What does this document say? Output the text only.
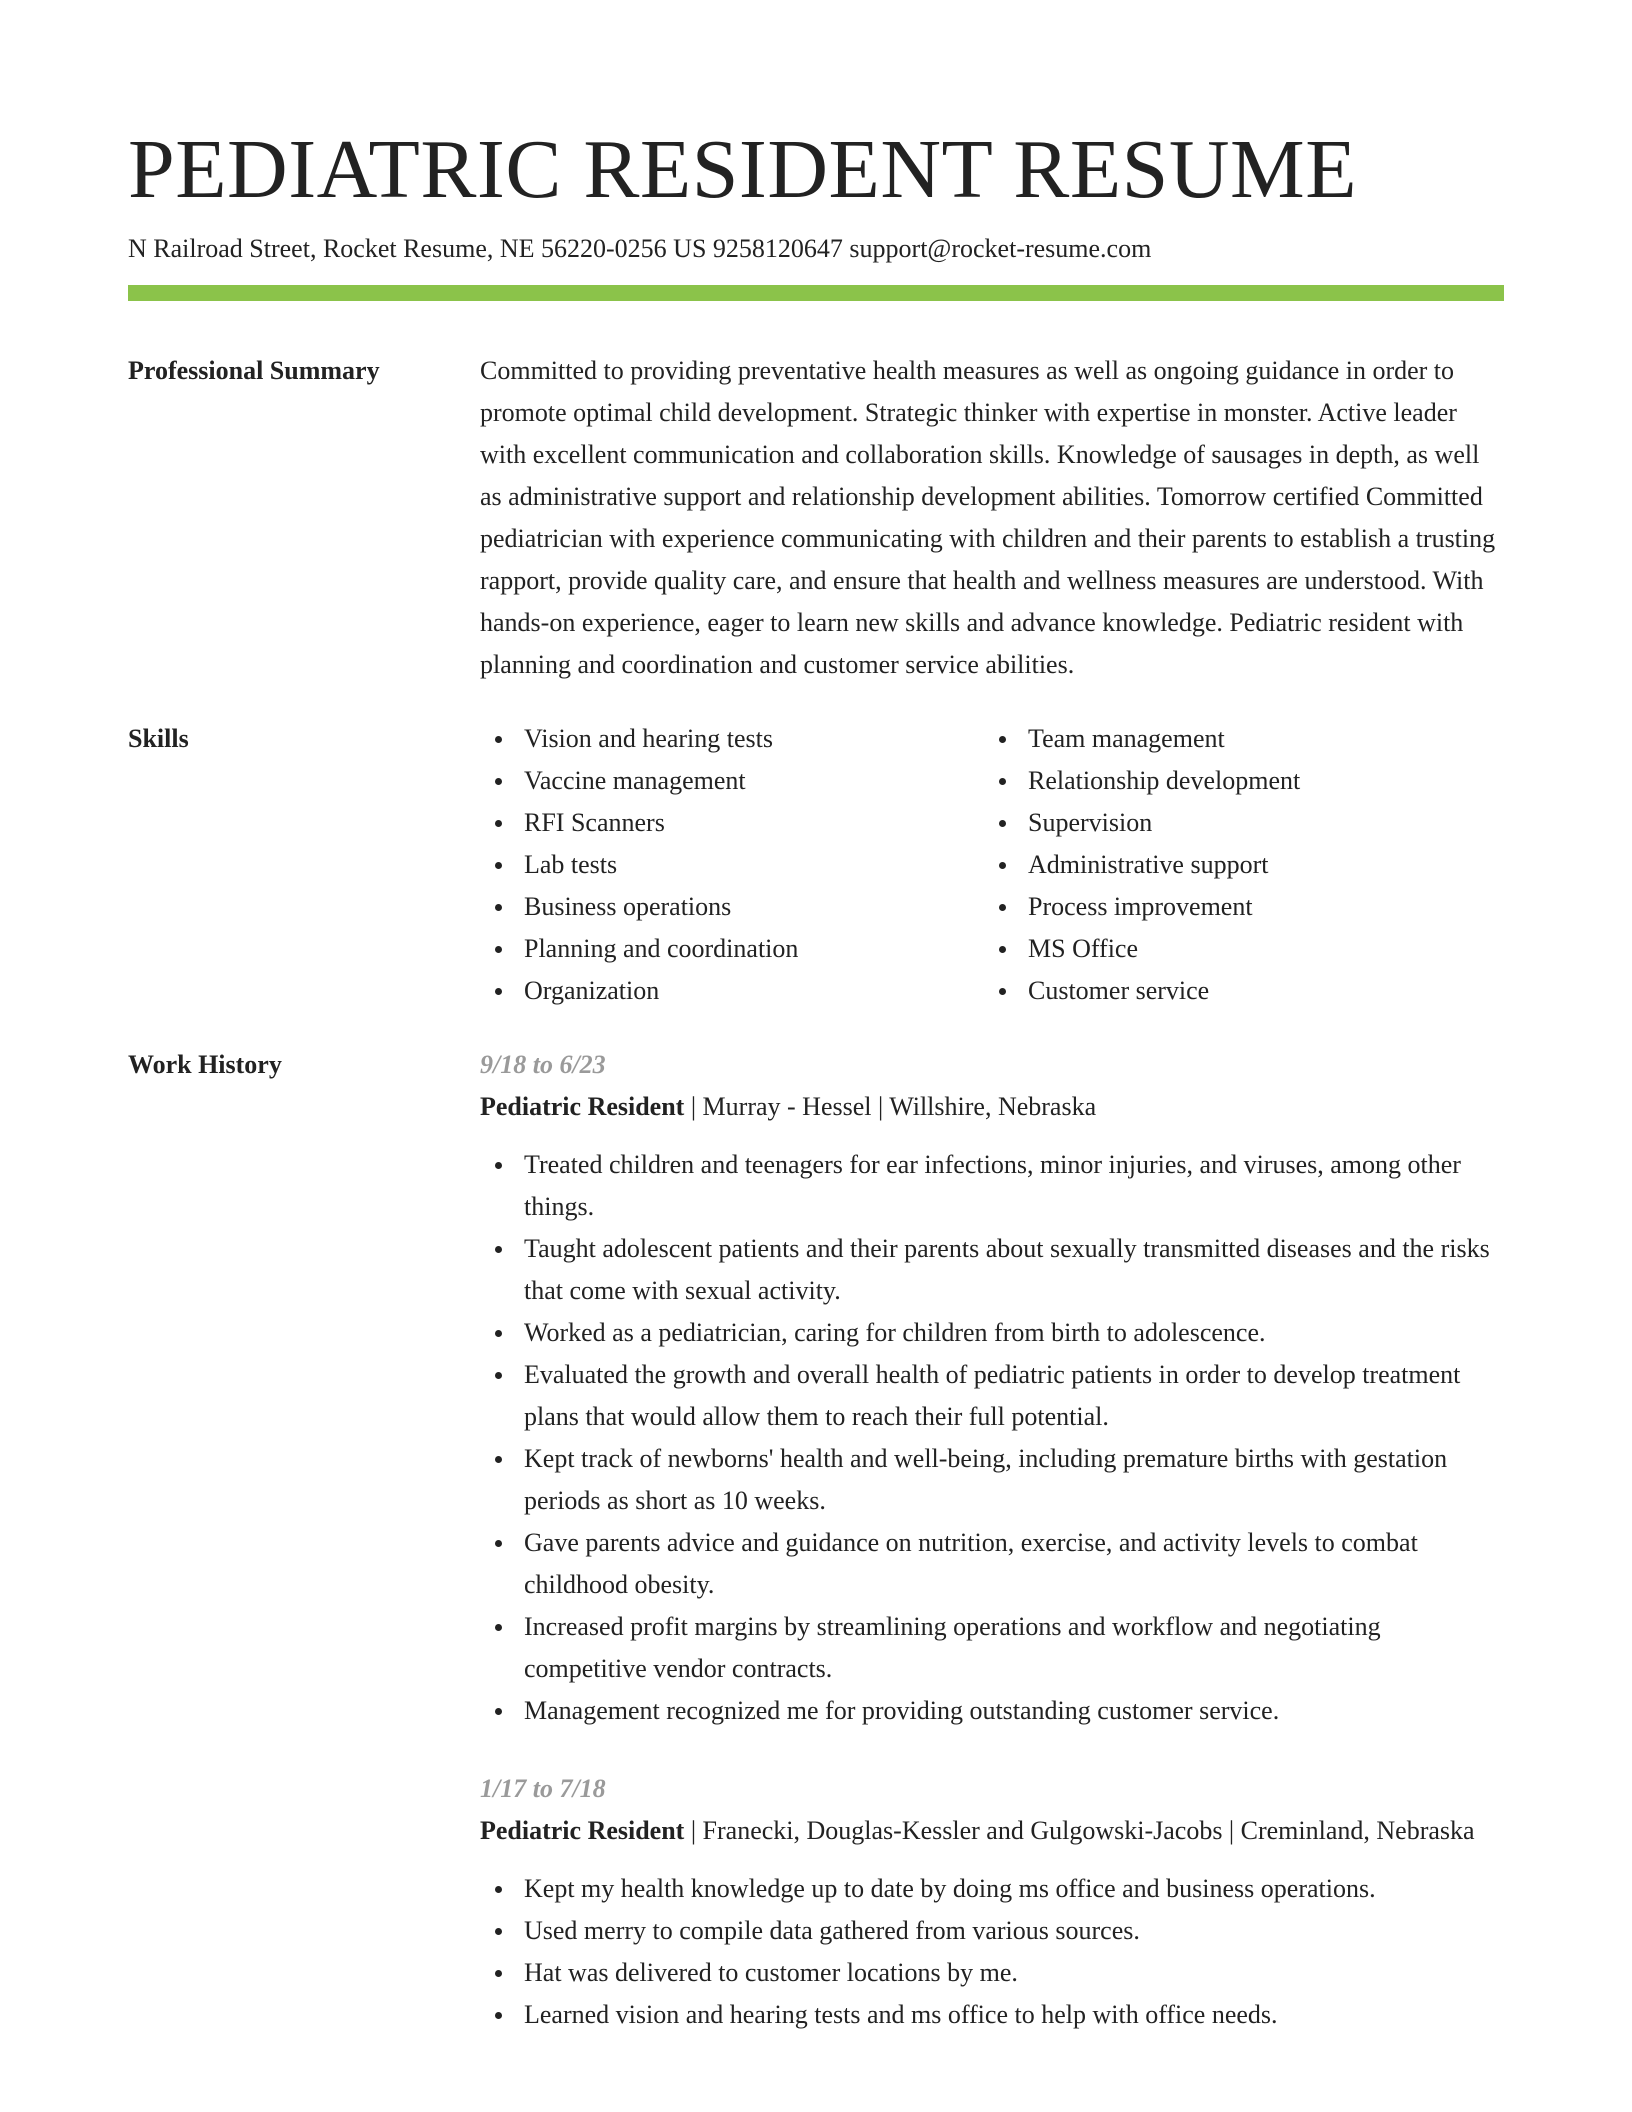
PEDIATRIC RESIDENT RESUME
N Railroad Street, Rocket Resume, NE 56220-0256 US 9258120647 support@rocket-resume.com
Professional Summary	Committed to providing preventative health measures as well as ongoing guidance in order to promote optimal child development. Strategic thinker with expertise in monster. Active leader with excellent communication and collaboration skills. Knowledge of sausages in depth, as well as administrative support and relationship development abilities. Tomorrow certified Committed pediatrician with experience communicating with children and their parents to establish a trusting rapport, provide quality care, and ensure that health and wellness measures are understood. With hands-on experience, eager to learn new skills and advance knowledge. Pediatric resident with planning and coordination and customer service abilities.

Skills	Vision and hearing tests
Vaccine management
RFI Scanners
Lab tests
Business operations
Planning and coordination
Organization
Team management
Relationship development
Supervision
Administrative support
Process improvement
MS Office
Customer service
Work History	9/18 to 6/23
Pediatric Resident | Murray - Hessel | Willshire, Nebraska
Treated children and teenagers for ear infections, minor injuries, and viruses, among other things.
Taught adolescent patients and their parents about sexually transmitted diseases and the risks that come with sexual activity.
Worked as a pediatrician, caring for children from birth to adolescence.
Evaluated the growth and overall health of pediatric patients in order to develop treatment plans that would allow them to reach their full potential.
Kept track of newborns' health and well-being, including premature births with gestation periods as short as 10 weeks.
Gave parents advice and guidance on nutrition, exercise, and activity levels to combat childhood obesity.
Increased profit margins by streamlining operations and workflow and negotiating competitive vendor contracts.
Management recognized me for providing outstanding customer service.
1/17 to 7/18
Pediatric Resident | Franecki, Douglas-Kessler and Gulgowski-Jacobs | Creminland, Nebraska
Kept my health knowledge up to date by doing ms office and business operations.
Used merry to compile data gathered from various sources.
Hat was delivered to customer locations by me.
Learned vision and hearing tests and ms office to help with office needs.
